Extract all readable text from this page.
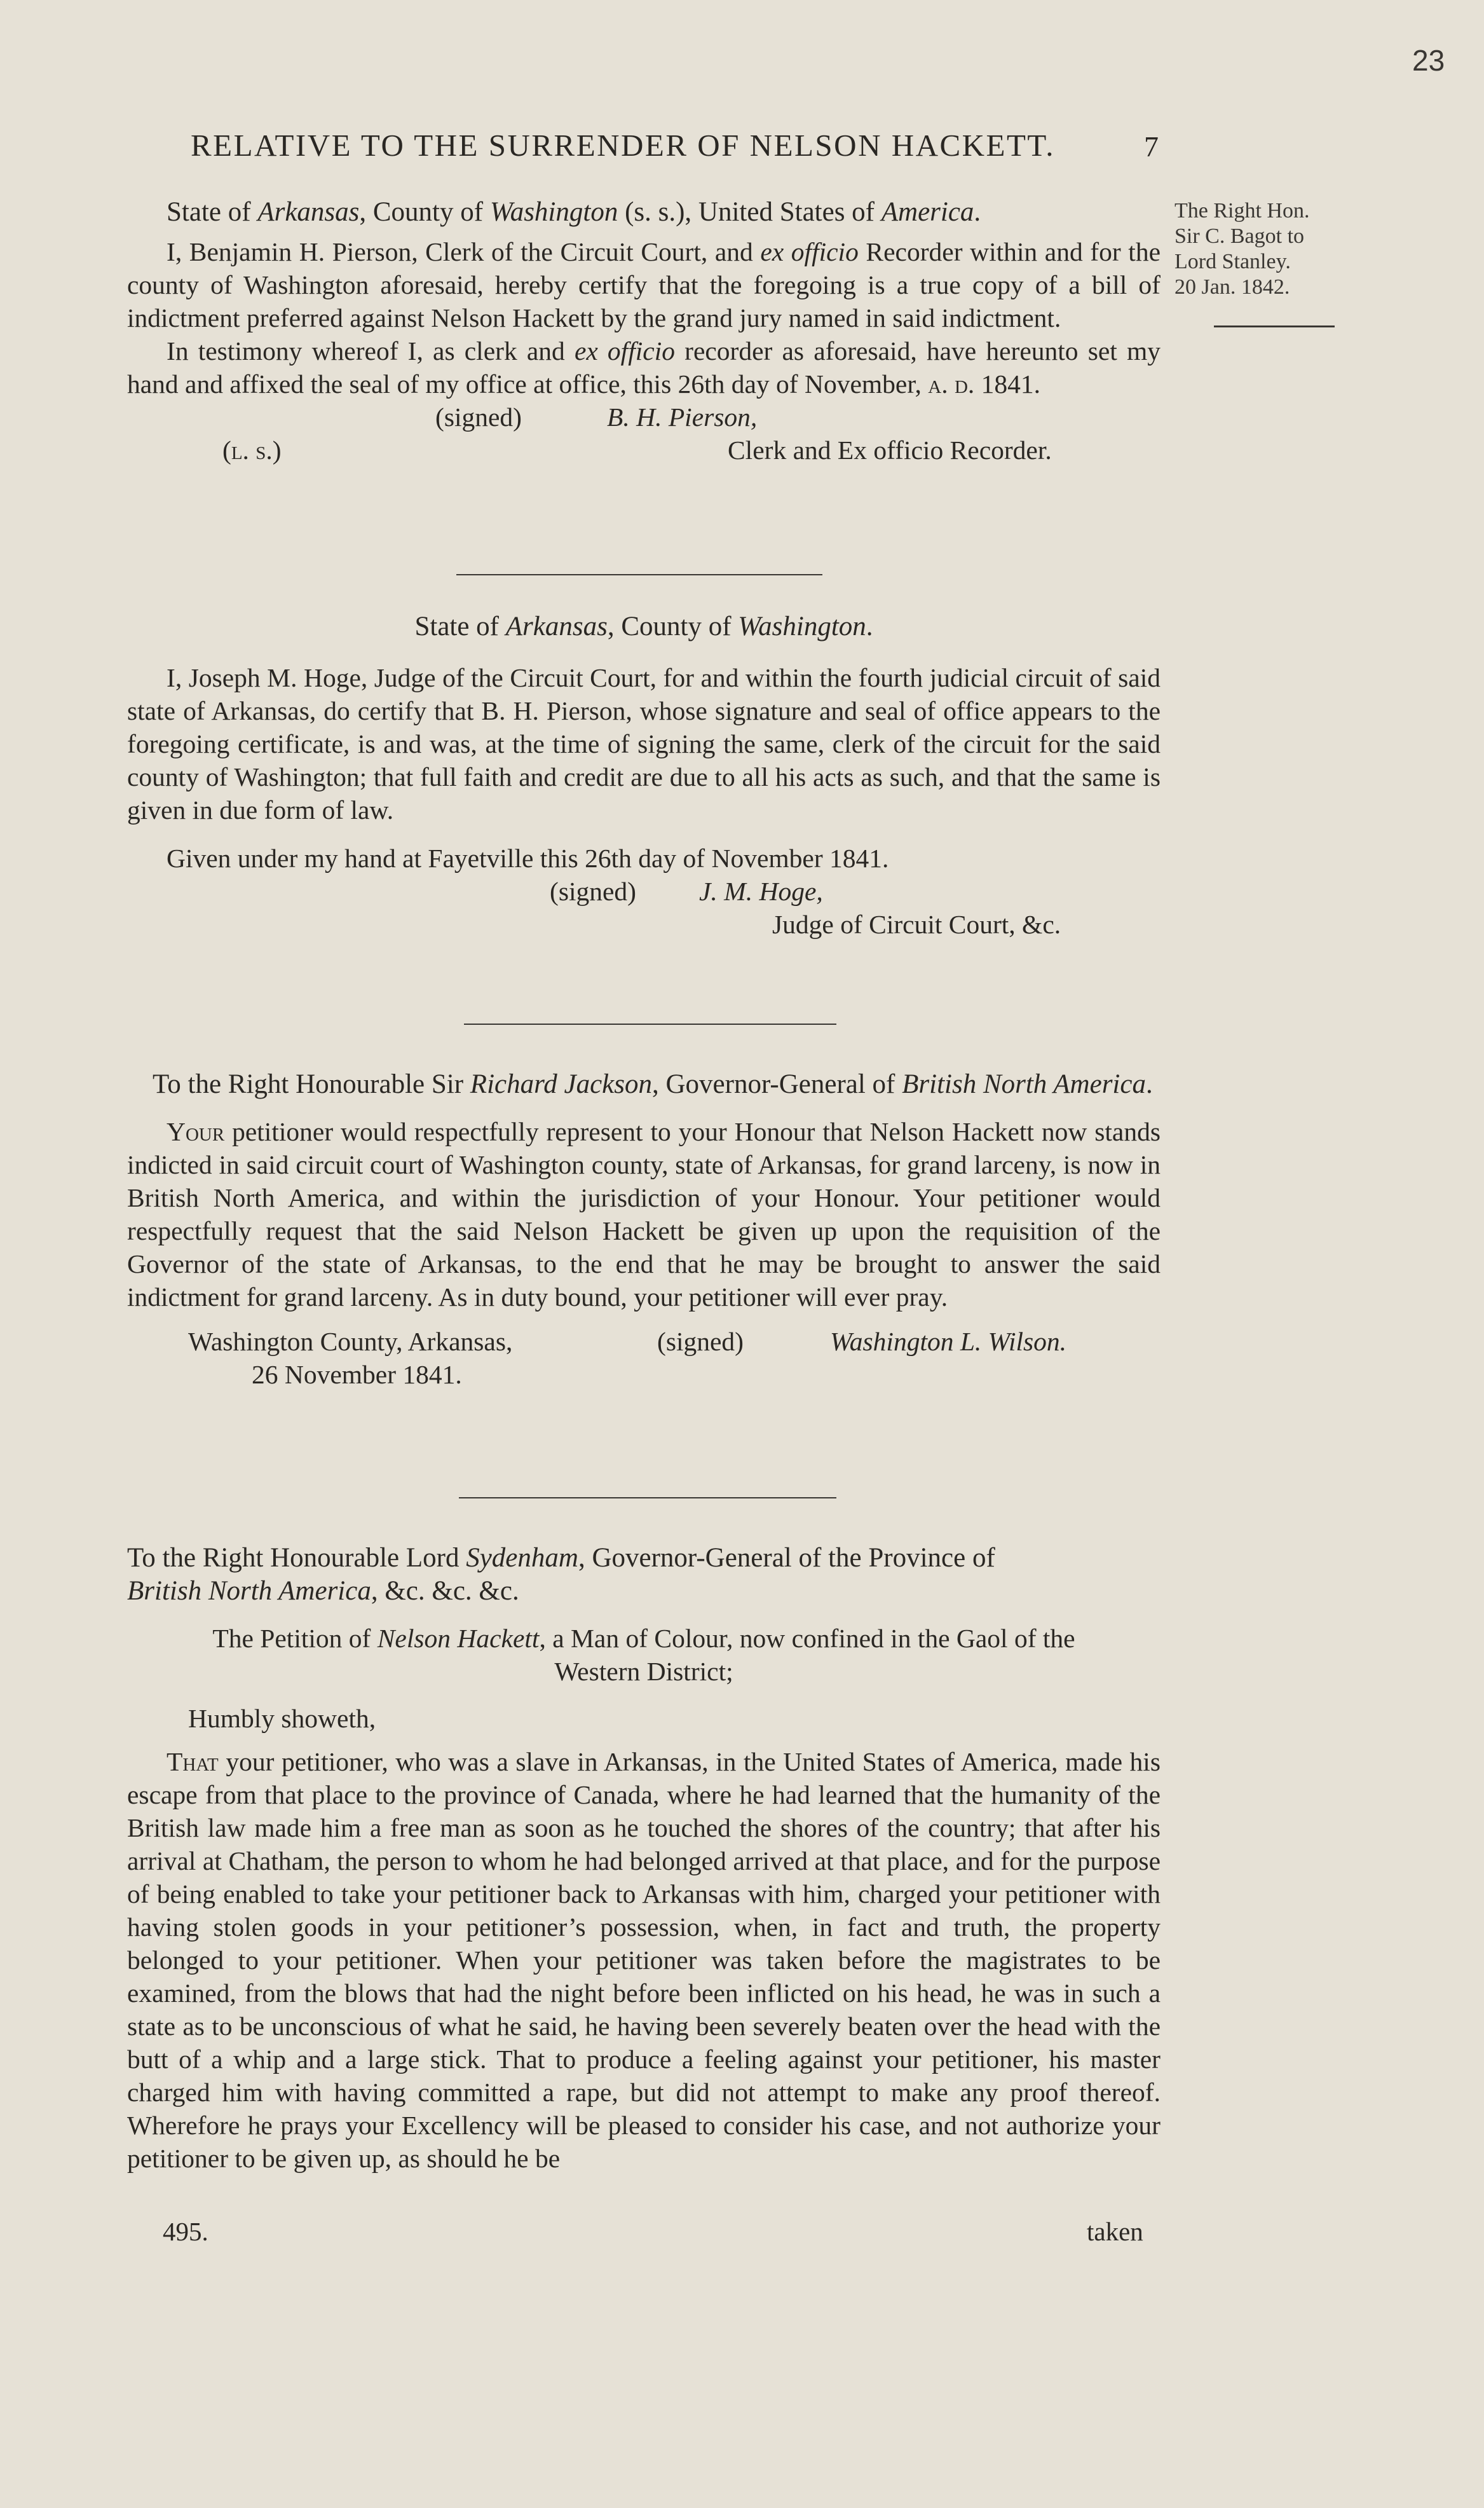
23
RELATIVE TO THE SURRENDER OF NELSON HACKETT.	7
The Right Hon.
Sir C. Bagot to
Lord Stanley.
20 Jan. 1842.

State of Arkansas, County of Washington (s. s.), United States of America.

I, Benjamin H. Pierson, Clerk of the Circuit Court, and ex officio Recorder within and for the county of Washington aforesaid, hereby certify that the foregoing is a true copy of a bill of indictment preferred against Nelson Hackett by the grand jury named in said indictment.

In testimony whereof I, as clerk and ex officio recorder as aforesaid, have hereunto set my hand and affixed the seal of my office at office, this 26th day of November, a. d. 1841.

(signed)	B. H. Pierson,
(l. s.)	Clerk and Ex officio Recorder.

State of Arkansas, County of Washington.

I, Joseph M. Hoge, Judge of the Circuit Court, for and within the fourth judicial circuit of said state of Arkansas, do certify that B. H. Pierson, whose signature and seal of office appears to the foregoing certificate, is and was, at the time of signing the same, clerk of the circuit for the said county of Washington; that full faith and credit are due to all his acts as such, and that the same is given in due form of law.

Given under my hand at Fayetville this 26th day of November 1841.

(signed) J. M. Hoge,
Judge of Circuit Court, &c.

To the Right Honourable Sir Richard Jackson, Governor-General of British North America.

Your petitioner would respectfully represent to your Honour that Nelson Hackett now stands indicted in said circuit court of Washington county, state of Arkansas, for grand larceny, is now in British North America, and within the jurisdiction of your Honour. Your petitioner would respectfully request that the said Nelson Hackett be given up upon the requisition of the Governor of the state of Arkansas, to the end that he may be brought to answer the said indictment for grand larceny. As in duty bound, your petitioner will ever pray.

Washington County, Arkansas,	(signed)	Washington L. Wilson.
26 November 1841.

To the Right Honourable Lord Sydenham, Governor-General of the Province of

British North America, &c. &c. &c.

The Petition of Nelson Hackett, a Man of Colour, now confined in the Gaol of the Western District;

Humbly showeth,

That your petitioner, who was a slave in Arkansas, in the United States of America, made his escape from that place to the province of Canada, where he had learned that the humanity of the British law made him a free man as soon as he touched the shores of the country; that after his arrival at Chatham, the person to whom he had belonged arrived at that place, and for the purpose of being enabled to take your petitioner back to Arkansas with him, charged your petitioner with having stolen goods in your petitioner’s possession, when, in fact and truth, the property belonged to your petitioner. When your petitioner was taken before the magistrates to be examined, from the blows that had the night before been inflicted on his head, he was in such a state as to be unconscious of what he said, he having been severely beaten over the head with the butt of a whip and a large stick. That to produce a feeling against your petitioner, his master charged him with having committed a rape, but did not attempt to make any proof thereof. Wherefore he prays your Excellency will be pleased to consider his case, and not authorize your petitioner to be given up, as should he be

495.	taken
